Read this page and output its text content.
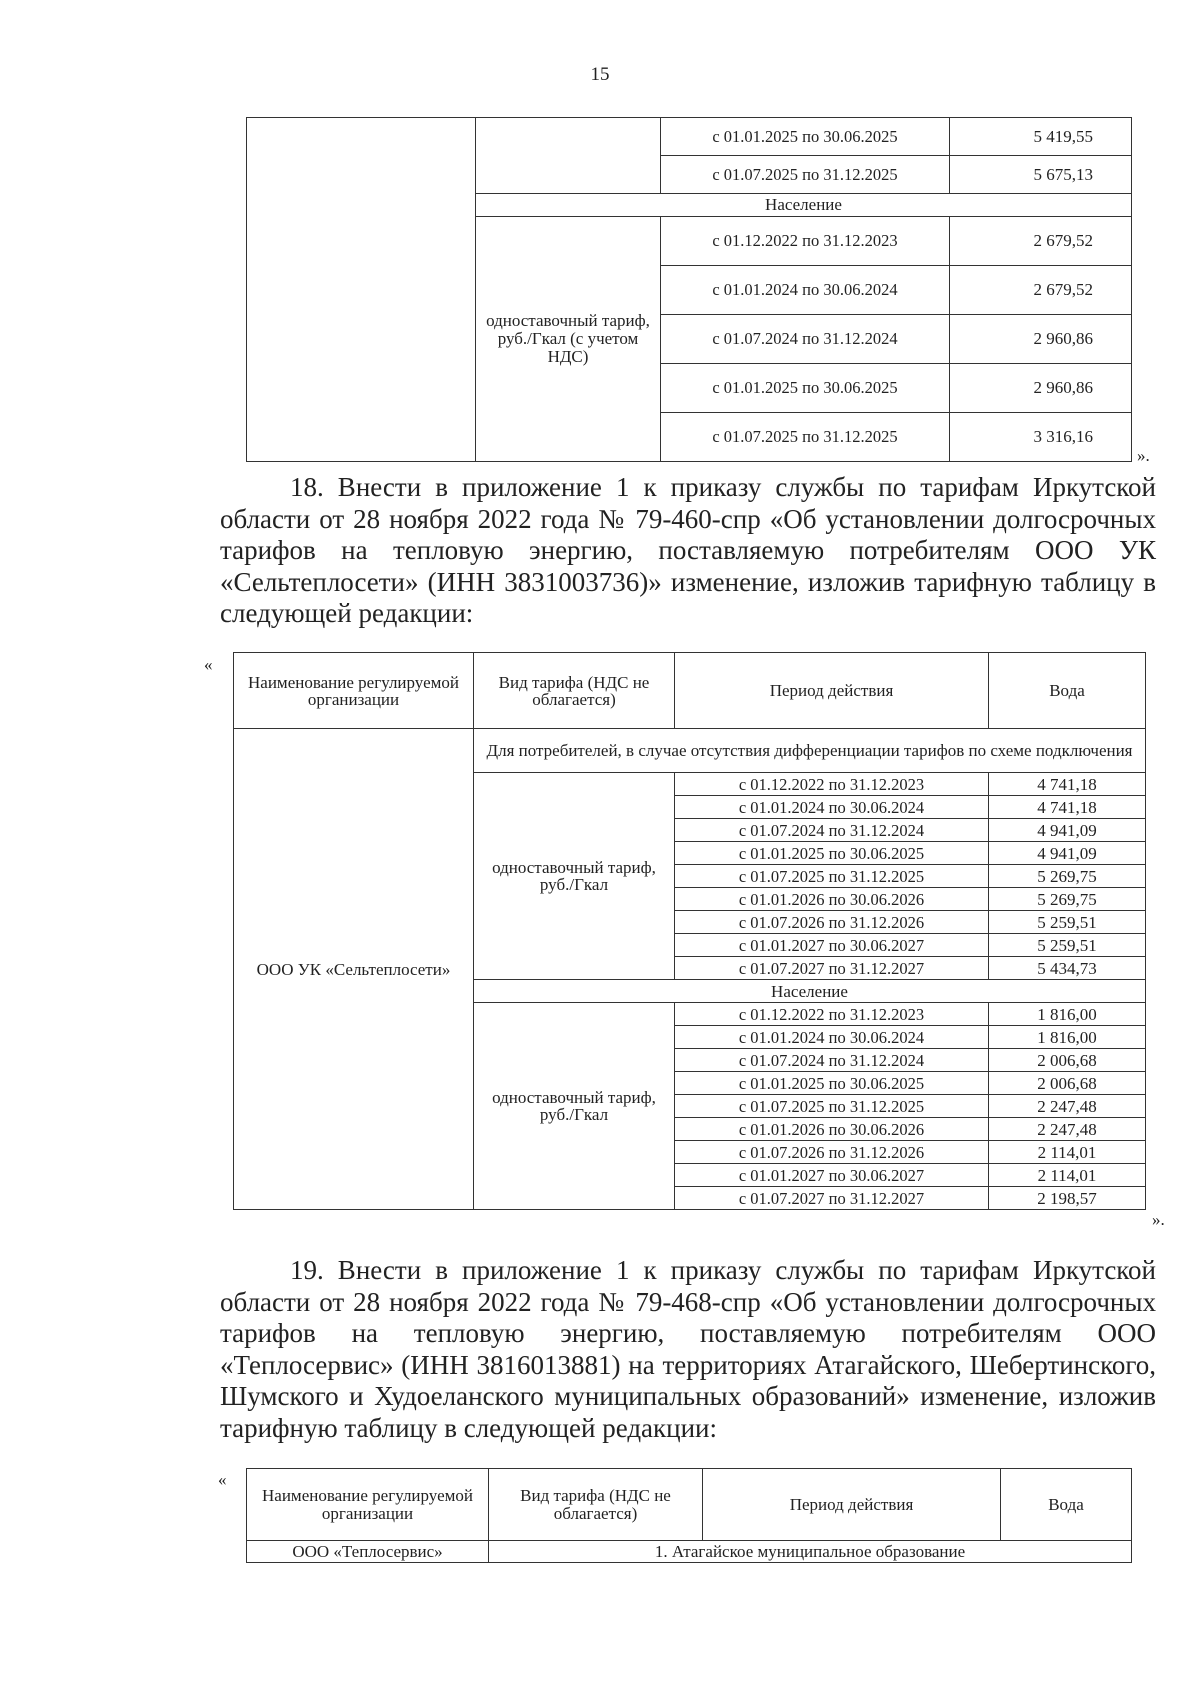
15
		с 01.01.2025 по 30.06.2025	5 419,55
		с 01.07.2025 по 31.12.2025	5 675,13
	Население		
	одноставочный тариф, руб./Гкал (с учетом НДС)	с 01.12.2022 по 31.12.2023	2 679,52
		с 01.01.2024 по 30.06.2024	2 679,52
		с 01.07.2024 по 31.12.2024	2 960,86
		с 01.01.2025 по 30.06.2025	2 960,86
		с 01.07.2025 по 31.12.2025	3 316,16
».
18. Внести в приложение 1 к приказу службы по тарифам Иркутской области от 28 ноября 2022 года № 79-460-спр «Об установлении долгосрочных тарифов на тепловую энергию, поставляемую потребителям ООО УК «Сельтеплосети» (ИНН 3831003736)» изменение, изложив тарифную таблицу в следующей редакции:
«
Наименование регулируемой организации	Вид тарифа (НДС не облагается)	Период действия	Вода
ООО УК «Сельтеплосети»	Для потребителей, в случае отсутствия дифференциации тарифов по схеме подключения		
	одноставочный тариф, руб./Гкал	с 01.12.2022 по 31.12.2023	4 741,18
		с 01.01.2024 по 30.06.2024	4 741,18
		с 01.07.2024 по 31.12.2024	4 941,09
		с 01.01.2025 по 30.06.2025	4 941,09
		с 01.07.2025 по 31.12.2025	5 269,75
		с 01.01.2026 по 30.06.2026	5 269,75
		с 01.07.2026 по 31.12.2026	5 259,51
		с 01.01.2027 по 30.06.2027	5 259,51
		с 01.07.2027 по 31.12.2027	5 434,73
	Население		
	одноставочный тариф, руб./Гкал	с 01.12.2022 по 31.12.2023	1 816,00
		с 01.01.2024 по 30.06.2024	1 816,00
		с 01.07.2024 по 31.12.2024	2 006,68
		с 01.01.2025 по 30.06.2025	2 006,68
		с 01.07.2025 по 31.12.2025	2 247,48
		с 01.01.2026 по 30.06.2026	2 247,48
		с 01.07.2026 по 31.12.2026	2 114,01
		с 01.01.2027 по 30.06.2027	2 114,01
		с 01.07.2027 по 31.12.2027	2 198,57
».
19. Внести в приложение 1 к приказу службы по тарифам Иркутской области от 28 ноября 2022 года № 79-468-спр «Об установлении долгосрочных тарифов на тепловую энергию, поставляемую потребителям ООО «Теплосервис» (ИНН 3816013881) на территориях Атагайского, Шебертинского, Шумского и Худоеланского муниципальных образований» изменение, изложив тарифную таблицу в следующей редакции:
«
Наименование регулируемой организации	Вид тарифа (НДС не облагается)	Период действия	Вода
ООО «Теплосервис»	1. Атагайское муниципальное образование		
